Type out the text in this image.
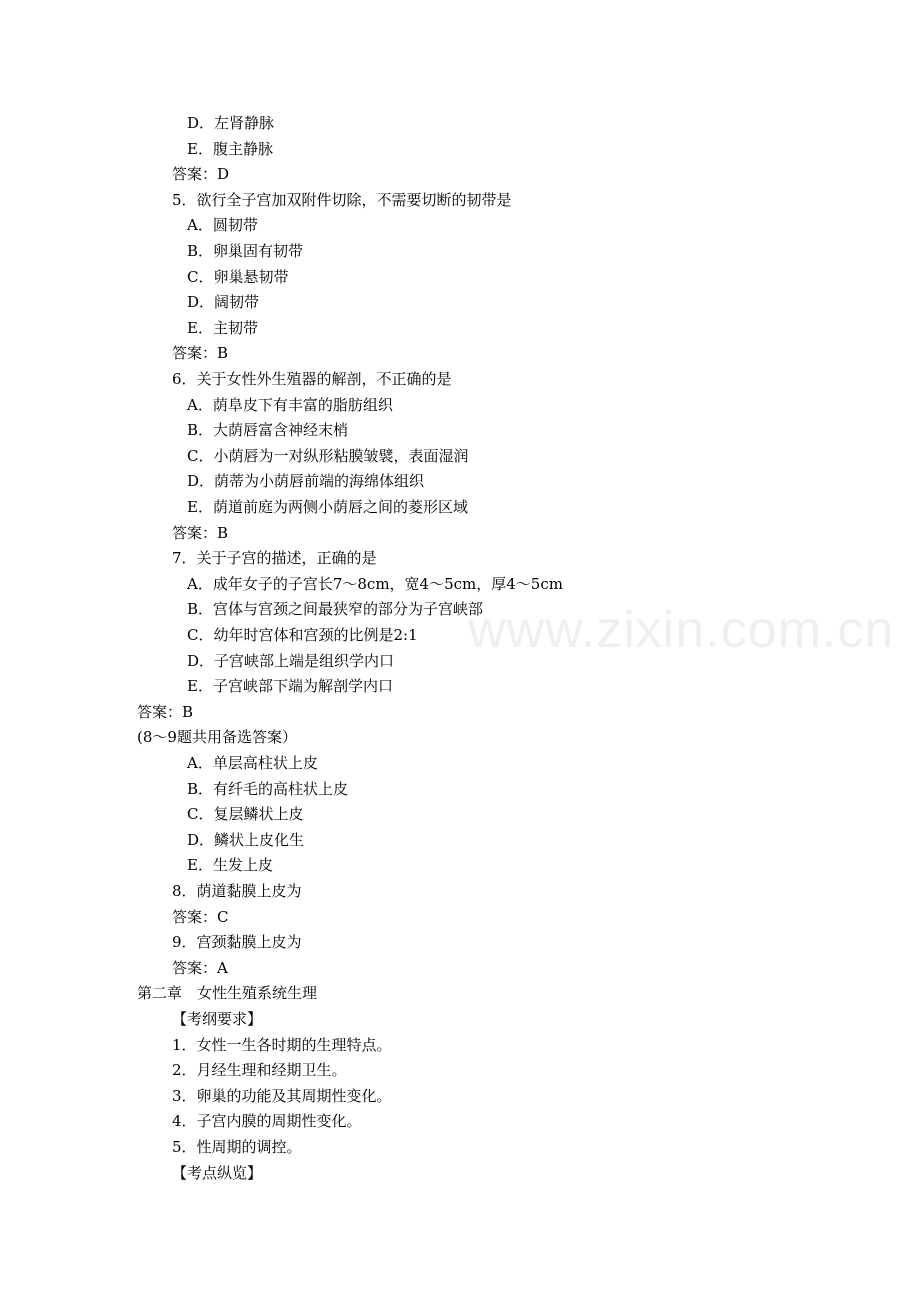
www.zixin.com.cn
D．左肾静脉
E．腹主静脉
答案：D
5．欲行全子宫加双附件切除，不需要切断的韧带是
A．圆韧带
B．卵巢固有韧带
C．卵巢悬韧带
D．阔韧带
E．主韧带
答案：B
6．关于女性外生殖器的解剖，不正确的是
A．荫阜皮下有丰富的脂肪组织
B．大荫唇富含神经末梢
C．小荫唇为一对纵形粘膜皱襞，表面湿润
D．荫蒂为小荫唇前端的海绵体组织
E．荫道前庭为两侧小荫唇之间的菱形区域
答案：B
7．关于子宫的描述，正确的是
A．成年女子的子宫长7～8cm，宽4～5cm，厚4～5cm
B．宫体与宫颈之间最狭窄的部分为子宫峡部
C．幼年时宫体和宫颈的比例是2:1
D．子宫峡部上端是组织学内口
E．子宫峡部下端为解剖学内口
答案：B
(8～9题共用备选答案）
A．单层高柱状上皮
B．有纤毛的高柱状上皮
C．复层鳞状上皮
D．鳞状上皮化生
E．生发上皮
8．荫道黏膜上皮为
答案：C
9．宫颈黏膜上皮为
答案：A
第二章　女性生殖系统生理
【考纲要求】
1．女性一生各时期的生理特点。
2．月经生理和经期卫生。
3．卵巢的功能及其周期性变化。
4．子宫内膜的周期性变化。
5．性周期的调控。
【考点纵览】
